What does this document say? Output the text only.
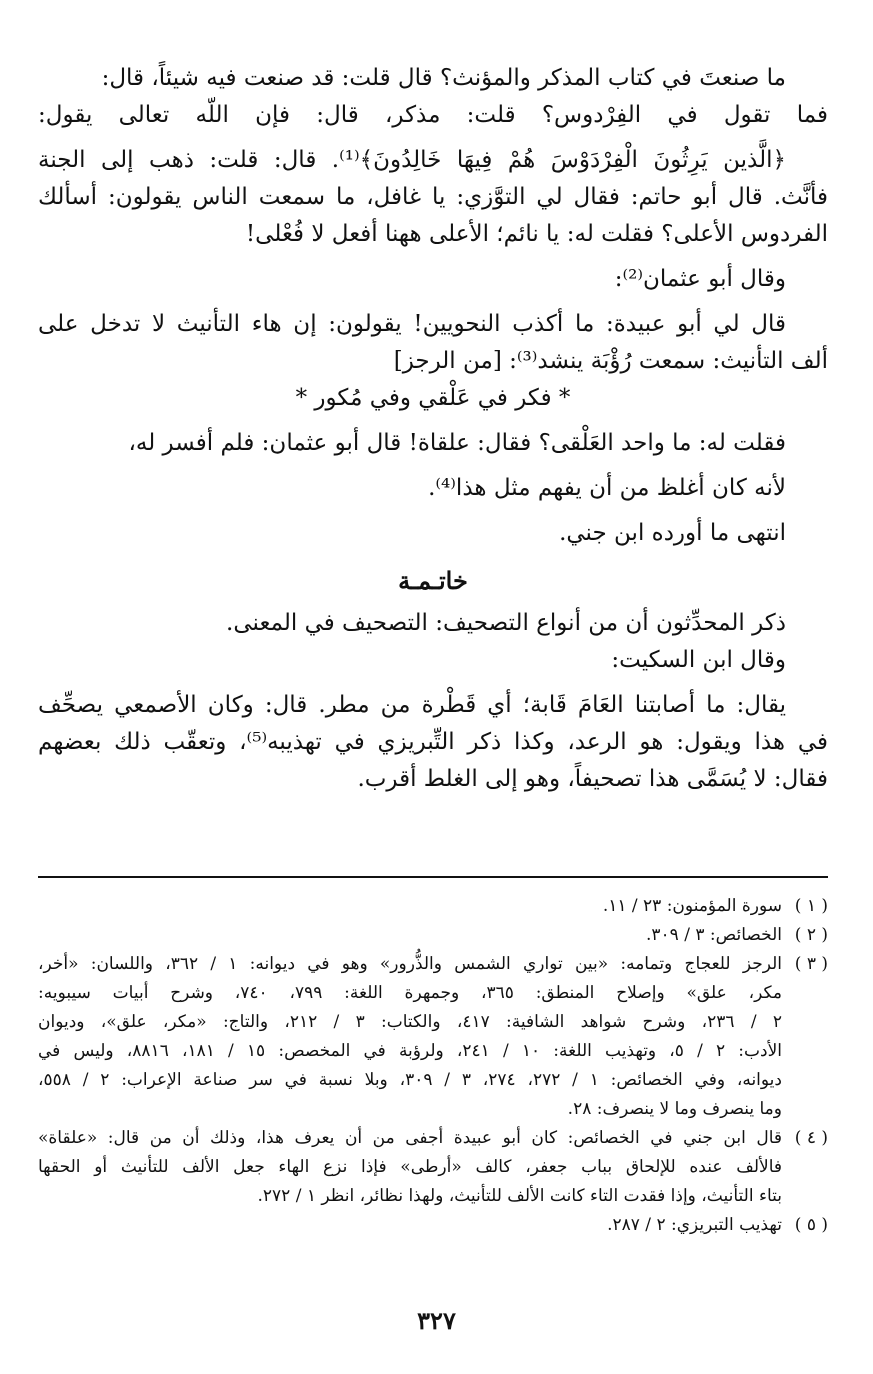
ما صنعتَ في كتاب المذكر والمؤنث؟ قال قلت: قد صنعت فيه شيئاً، قال:
فما تقول في الفِرْدوس؟ قلت: مذكر، قال: فإن اللّه تعالى يقول:
﴿الَّذين يَرِثُونَ الْفِرْدَوْسَ هُمْ فِيهَا خَالِدُونَ﴾⁽¹⁾. قال: قلت: ذهب إلى الجنة
فأنَّث. قال أبو حاتم: فقال لي التوَّزي: يا غافل، ما سمعت الناس يقولون: أسألك
الفردوس الأعلى؟ فقلت له: يا نائم؛ الأعلى ههنا أفعل لا فُعْلى!
وقال أبو عثمان⁽²⁾:
قال لي أبو عبيدة: ما أكذب النحويين! يقولون: إن هاء التأنيث لا تدخل على
ألف التأنيث: سمعت رُؤْبَة ينشد⁽³⁾: [من الرجز]
* فكر في عَلْقي وفي مُكور *
فقلت له: ما واحد العَلْقى؟ فقال: علقاة! قال أبو عثمان: فلم أفسر له،
لأنه كان أغلظ من أن يفهم مثل هذا⁽⁴⁾.
انتهى ما أورده ابن جني.
خاتـمـة
ذكر المحدِّثون أن من أنواع التصحيف: التصحيف في المعنى.
وقال ابن السكيت:
يقال: ما أصابتنا العَامَ قَابة؛ أي قَطْرة من مطر. قال: وكان الأصمعي يصحِّف
في هذا ويقول: هو الرعد، وكذا ذكر التِّبريزي في تهذيبه⁽⁵⁾، وتعقّب ذلك بعضهم
فقال: لا يُسَمَّى هذا تصحيفاً، وهو إلى الغلط أقرب.
( ١ )
سورة المؤمنون: ٢٣ / ١١.
( ٢ )
الخصائص: ٣ / ٣٠٩.
( ٣ )
الرجز للعجاج وتمامه: «بين تواري الشمس والذُّرور» وهو في ديوانه: ١ / ٣٦٢، واللسان: «أخر،
مكر، علق» وإصلاح المنطق: ٣٦٥، وجمهرة اللغة: ٧٩٩، ٧٤٠، وشرح أبيات سيبويه:
٢ / ٢٣٦، وشرح شواهد الشافية: ٤١٧، والكتاب: ٣ / ٢١٢، والتاج: «مكر، علق»، وديوان
الأدب: ٢ / ٥، وتهذيب اللغة: ١٠ / ٢٤١، ولرؤبة في المخصص: ١٥ / ١٨١، ٨٨١٦، وليس في
ديوانه، وفي الخصائص: ١ / ٢٧٢، ٢٧٤، ٣ / ٣٠٩، وبلا نسبة في سر صناعة الإعراب: ٢ / ٥٥٨،
وما ينصرف وما لا ينصرف: ٢٨.
( ٤ )
قال ابن جني في الخصائص: كان أبو عبيدة أجفى من أن يعرف هذا، وذلك أن من قال: «علقاة»
فالألف عنده للإلحاق بباب جعفر، كالف «أرطى» فإذا نزع الهاء جعل الألف للتأنيث أو الحقها
بتاء التأنيث، وإذا فقدت التاء كانت الألف للتأنيث، ولهذا نظائر، انظر ١ / ٢٧٢.
( ٥ )
تهذيب التبريزي: ٢ / ٢٨٧.
٣٢٧
